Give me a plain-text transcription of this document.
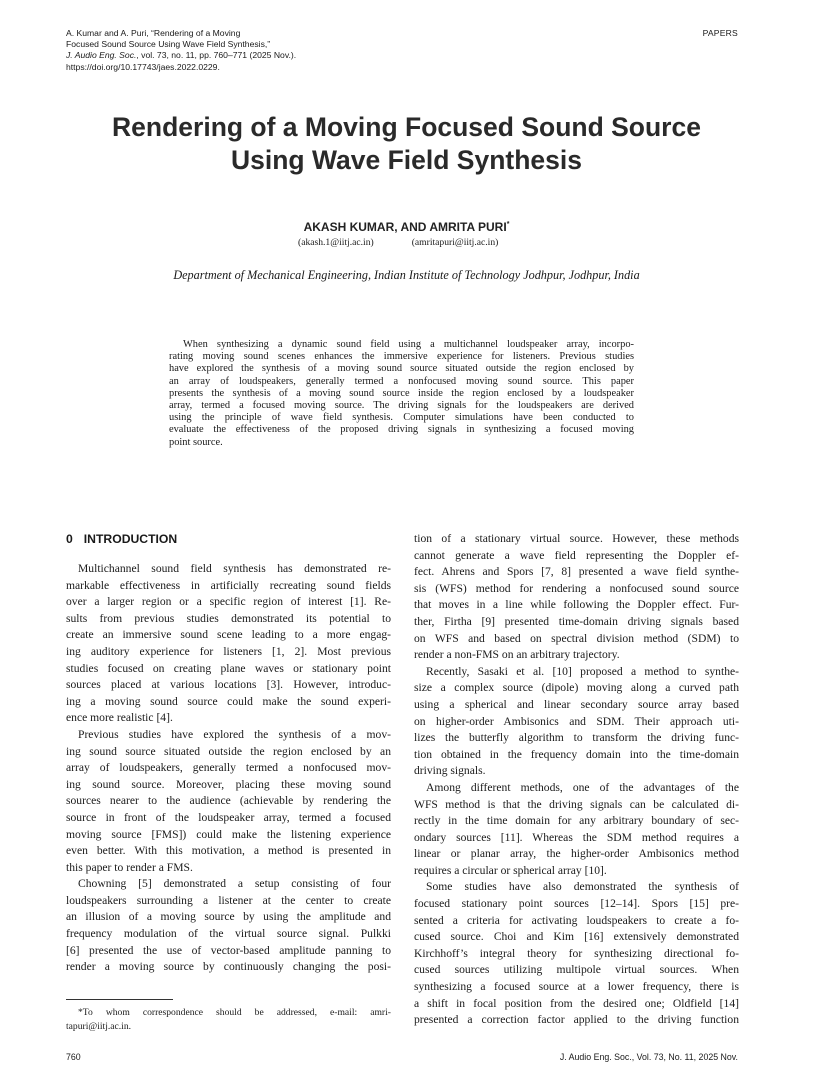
A. Kumar and A. Puri, “Rendering of a Moving
Focused Sound Source Using Wave Field Synthesis,”
J. Audio Eng. Soc., vol. 73, no. 11, pp. 760–771 (2025 Nov.).
https://doi.org/10.17743/jaes.2022.0229.
PAPERS
Rendering of a Moving Focused Sound Source
Using Wave Field Synthesis
AKASH KUMAR, AND AMRITA PURI*
(akash.1@iitj.ac.in)	(amritapuri@iitj.ac.in)
Department of Mechanical Engineering, Indian Institute of Technology Jodhpur, Jodhpur, India
When synthesizing a dynamic sound field using a multichannel loudspeaker array, incorpo-
rating moving sound scenes enhances the immersive experience for listeners. Previous studies
have explored the synthesis of a moving sound source situated outside the region enclosed by
an array of loudspeakers, generally termed a nonfocused moving sound source. This paper
presents the synthesis of a moving sound source inside the region enclosed by a loudspeaker
array, termed a focused moving source. The driving signals for the loudspeakers are derived
using the principle of wave field synthesis. Computer simulations have been conducted to
evaluate the effectiveness of the proposed driving signals in synthesizing a focused moving
point source.
0 INTRODUCTION
Multichannel sound field synthesis has demonstrated re-
markable effectiveness in artificially recreating sound fields
over a larger region or a specific region of interest [1]. Re-
sults from previous studies demonstrated its potential to
create an immersive sound scene leading to a more engag-
ing auditory experience for listeners [1, 2]. Most previous
studies focused on creating plane waves or stationary point
sources placed at various locations [3]. However, introduc-
ing a moving sound source could make the sound experi-
ence more realistic [4].
Previous studies have explored the synthesis of a mov-
ing sound source situated outside the region enclosed by an
array of loudspeakers, generally termed a nonfocused mov-
ing sound source. Moreover, placing these moving sound
sources nearer to the audience (achievable by rendering the
source in front of the loudspeaker array, termed a focused
moving source [FMS]) could make the listening experience
even better. With this motivation, a method is presented in
this paper to render a FMS.
Chowning [5] demonstrated a setup consisting of four
loudspeakers surrounding a listener at the center to create
an illusion of a moving source by using the amplitude and
frequency modulation of the virtual source signal. Pulkki
[6] presented the use of vector-based amplitude panning to
render a moving source by continuously changing the posi-
tion of a stationary virtual source. However, these methods
cannot generate a wave field representing the Doppler ef-
fect. Ahrens and Spors [7, 8] presented a wave field synthe-
sis (WFS) method for rendering a nonfocused sound source
that moves in a line while following the Doppler effect. Fur-
ther, Firtha [9] presented time-domain driving signals based
on WFS and based on spectral division method (SDM) to
render a non-FMS on an arbitrary trajectory.
Recently, Sasaki et al. [10] proposed a method to synthe-
size a complex source (dipole) moving along a curved path
using a spherical and linear secondary source array based
on higher-order Ambisonics and SDM. Their approach uti-
lizes the butterfly algorithm to transform the driving func-
tion obtained in the frequency domain into the time-domain
driving signals.
Among different methods, one of the advantages of the
WFS method is that the driving signals can be calculated di-
rectly in the time domain for any arbitrary boundary of sec-
ondary sources [11]. Whereas the SDM method requires a
linear or planar array, the higher-order Ambisonics method
requires a circular or spherical array [10].
Some studies have also demonstrated the synthesis of
focused stationary point sources [12–14]. Spors [15] pre-
sented a criteria for activating loudspeakers to create a fo-
cused source. Choi and Kim [16] extensively demonstrated
Kirchhoff’s integral theory for synthesizing directional fo-
cused sources utilizing multipole virtual sources. When
synthesizing a focused source at a lower frequency, there is
a shift in focal position from the desired one; Oldfield [14]
presented a correction factor applied to the driving function
*To whom correspondence should be addressed, e-mail: amri-
tapuri@iitj.ac.in.
760	J. Audio Eng. Soc., Vol. 73, No. 11, 2025 Nov.
